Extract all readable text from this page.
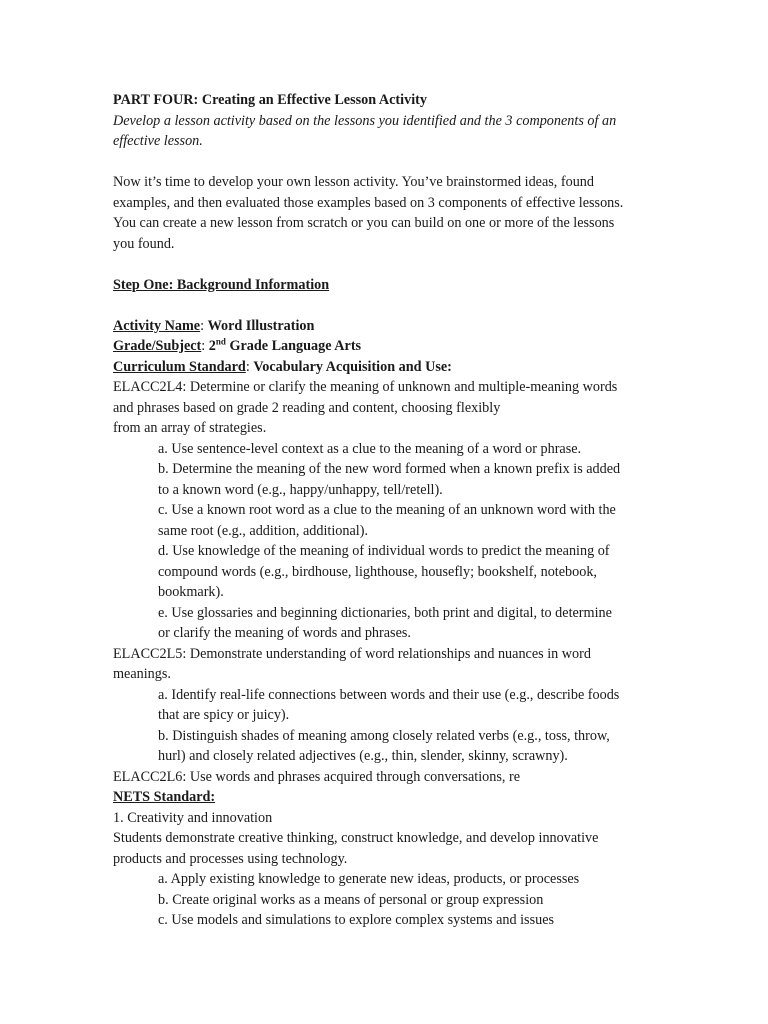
PART FOUR: Creating an Effective Lesson Activity
Develop a lesson activity based on the lessons you identified and the 3 components of an
effective lesson.
Now it’s time to develop your own lesson activity. You’ve brainstormed ideas, found
examples, and then evaluated those examples based on 3 components of effective lessons.
You can create a new lesson from scratch or you can build on one or more of the lessons
you found.
Step One: Background Information
Activity Name: Word Illustration
Grade/Subject: 2nd Grade Language Arts
Curriculum Standard: Vocabulary Acquisition and Use:
ELACC2L4: Determine or clarify the meaning of unknown and multiple-meaning words
and phrases based on grade 2 reading and content, choosing flexibly
from an array of strategies.
a. Use sentence-level context as a clue to the meaning of a word or phrase.
b. Determine the meaning of the new word formed when a known prefix is added
to a known word (e.g., happy/unhappy, tell/retell).
c. Use a known root word as a clue to the meaning of an unknown word with the
same root (e.g., addition, additional).
d. Use knowledge of the meaning of individual words to predict the meaning of
compound words (e.g., birdhouse, lighthouse, housefly; bookshelf, notebook,
bookmark).
e. Use glossaries and beginning dictionaries, both print and digital, to determine
or clarify the meaning of words and phrases.
ELACC2L5: Demonstrate understanding of word relationships and nuances in word
meanings.
a. Identify real-life connections between words and their use (e.g., describe foods
that are spicy or juicy).
b. Distinguish shades of meaning among closely related verbs (e.g., toss, throw,
hurl) and closely related adjectives (e.g., thin, slender, skinny, scrawny).
ELACC2L6: Use words and phrases acquired through conversations, re
NETS Standard:
1. Creativity and innovation
Students demonstrate creative thinking, construct knowledge, and develop innovative
products and processes using technology.
a. Apply existing knowledge to generate new ideas, products, or processes
b. Create original works as a means of personal or group expression
c. Use models and simulations to explore complex systems and issues
